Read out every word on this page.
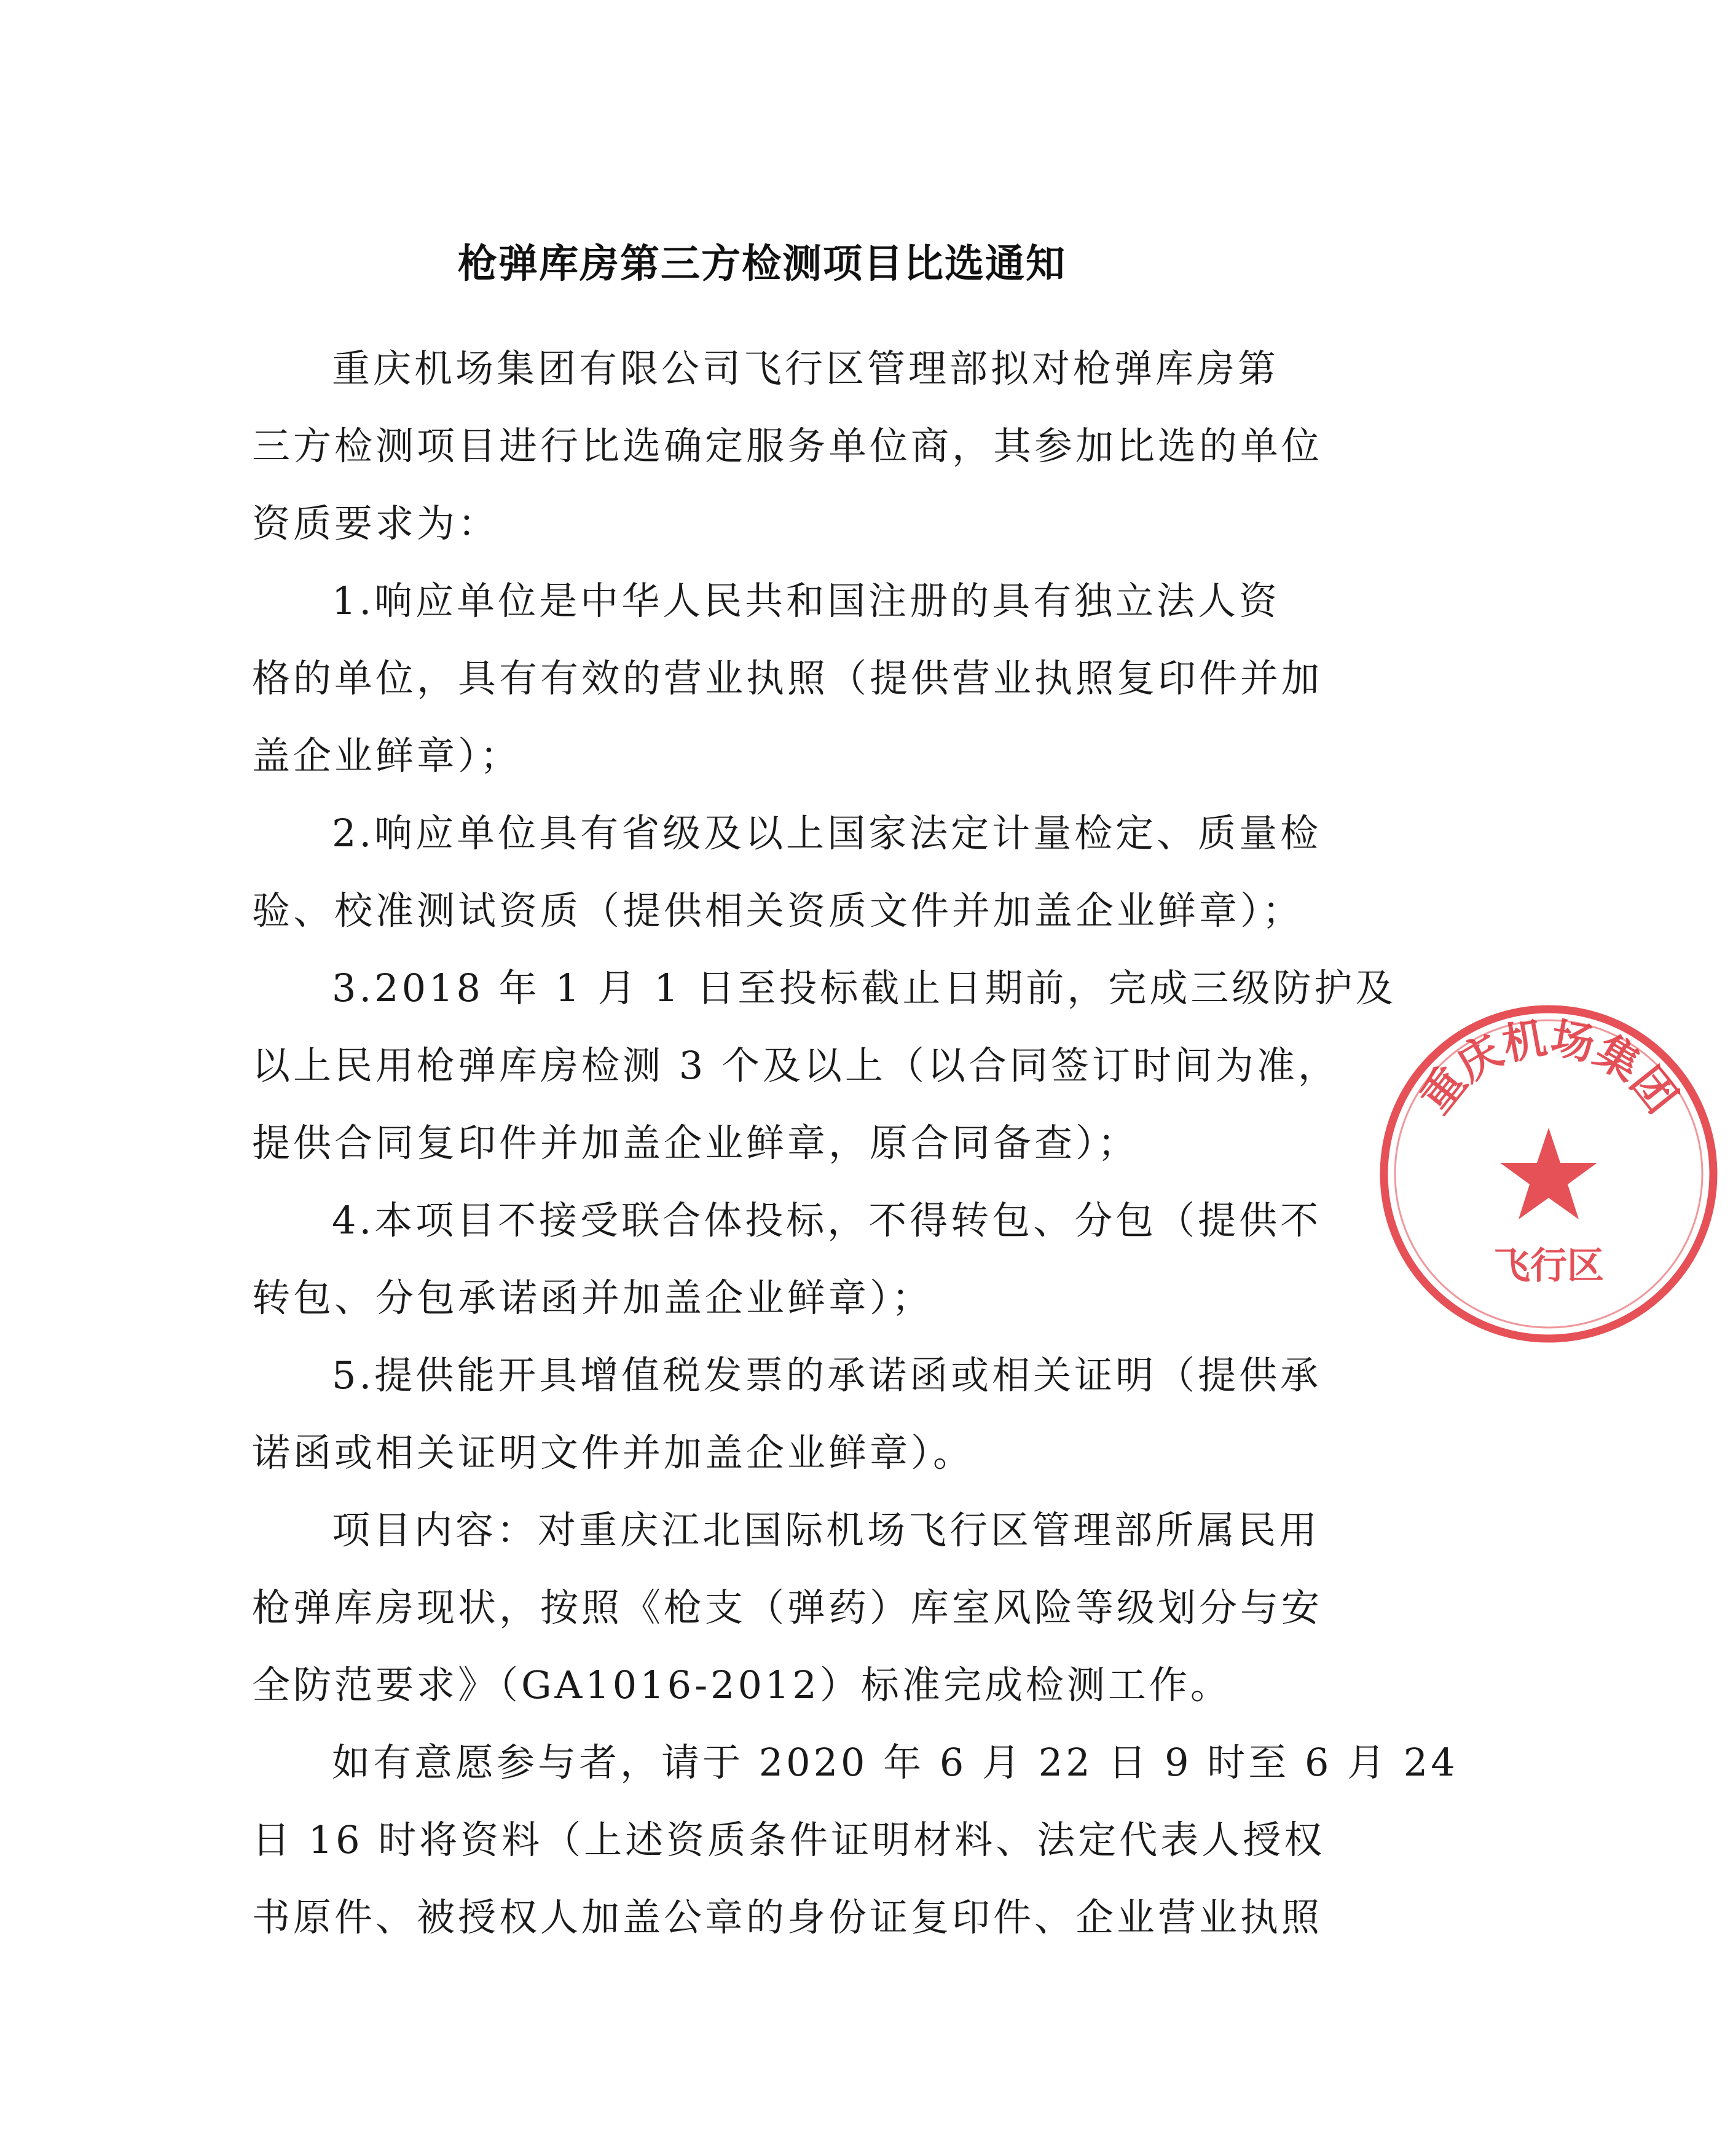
枪弹库房第三方检测项目比选通知
重庆机场集团有限公司飞行区管理部拟对枪弹库房第
三方检测项目进行比选确定服务单位商，其参加比选的单位
资质要求为：
1.响应单位是中华人民共和国注册的具有独立法人资
格的单位，具有有效的营业执照（提供营业执照复印件并加
盖企业鲜章）；
2.响应单位具有省级及以上国家法定计量检定、质量检
验、校准测试资质（提供相关资质文件并加盖企业鲜章）；
3.2018 年 1 月 1 日至投标截止日期前，完成三级防护及
以上民用枪弹库房检测 3 个及以上（以合同签订时间为准，
提供合同复印件并加盖企业鲜章，原合同备查）；
4.本项目不接受联合体投标，不得转包、分包（提供不
转包、分包承诺函并加盖企业鲜章）；
5.提供能开具增值税发票的承诺函或相关证明（提供承
诺函或相关证明文件并加盖企业鲜章）。
项目内容：对重庆江北国际机场飞行区管理部所属民用
枪弹库房现状，按照《枪支（弹药）库室风险等级划分与安
全防范要求》（GA1016-2012）标准完成检测工作。
如有意愿参与者，请于 2020 年 6 月 22 日 9 时至 6 月 24
日 16 时将资料（上述资质条件证明材料、法定代表人授权
书原件、被授权人加盖公章的身份证复印件、企业营业执照
重庆机场集团
飞行区
